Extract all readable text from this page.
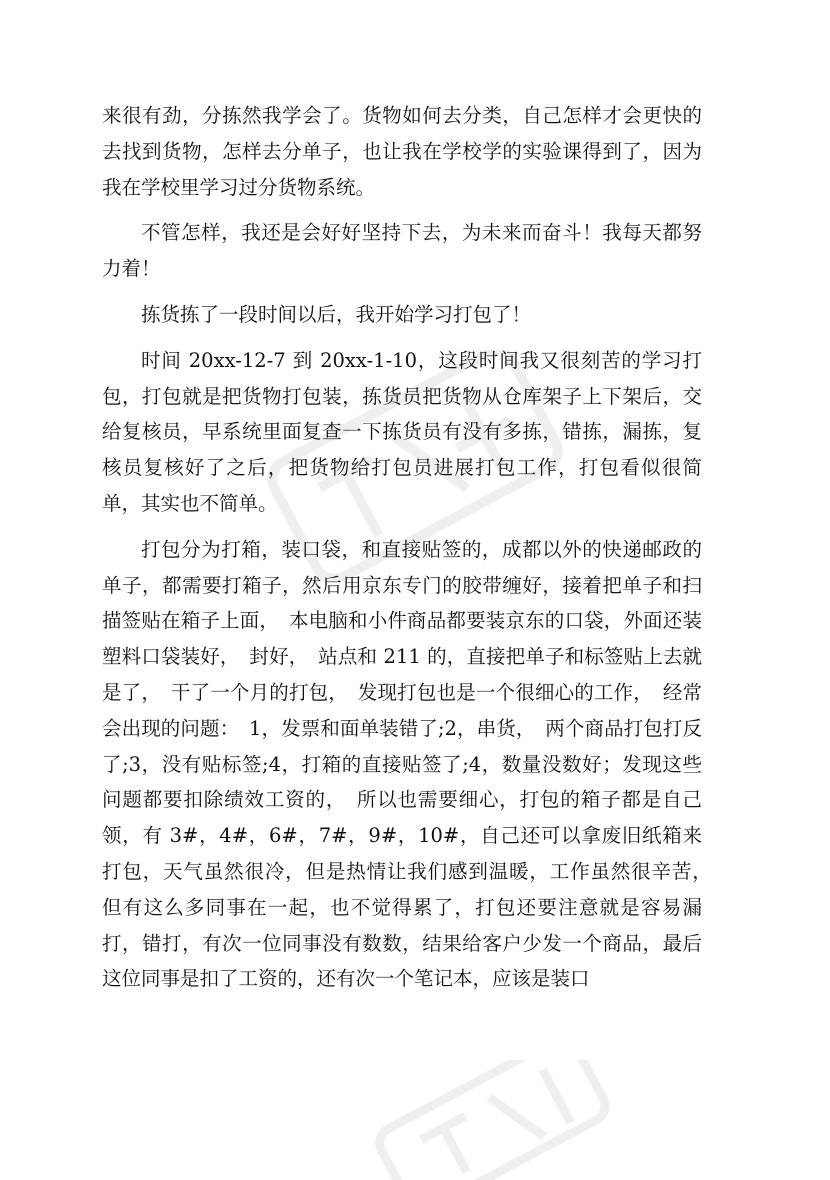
来很有劲，分拣然我学会了。货物如何去分类，自己怎样才会更快的去找到货物，怎样去分单子，也让我在学校学的实验课得到了，因为我在学校里学习过分货物系统。

不管怎样，我还是会好好坚持下去，为未来而奋斗！我每天都努力着！

拣货拣了一段时间以后，我开始学习打包了！

时间 20xx-12-7 到 20xx-1-10，这段时间我又很刻苦的学习打包，打包就是把货物打包装，拣货员把货物从仓库架子上下架后，交给复核员，早系统里面复查一下拣货员有没有多拣，错拣，漏拣，复核员复核好了之后，把货物给打包员进展打包工作，打包看似很简单，其实也不简单。

打包分为打箱，装口袋，和直接贴签的，成都以外的快递邮政的单子，都需要打箱子，然后用京东专门的胶带缠好，接着把单子和扫描签贴在箱子上面，　本电脑和小件商品都要装京东的口袋，外面还装塑料口袋装好，　封好，　站点和 211 的，直接把单子和标签贴上去就是了，　干了一个月的打包，　发现打包也是一个很细心的工作，　经常会出现的问题：　1，发票和面单装错了;2，串货，　两个商品打包打反了;3，没有贴标签;4，打箱的直接贴签了;4，数量没数好；发现这些问题都要扣除绩效工资的，　所以也需要细心，打包的箱子都是自己领，有 3#，4#，6#，7#，9#，10#，自己还可以拿废旧纸箱来打包，天气虽然很冷，但是热情让我们感到温暖，工作虽然很辛苦，　但有这么多同事在一起，也不觉得累了，打包还要注意就是容易漏打，错打，有次一位同事没有数数，结果给客户少发一个商品，最后这位同事是扣了工资的，还有次一个笔记本，应该是装口
